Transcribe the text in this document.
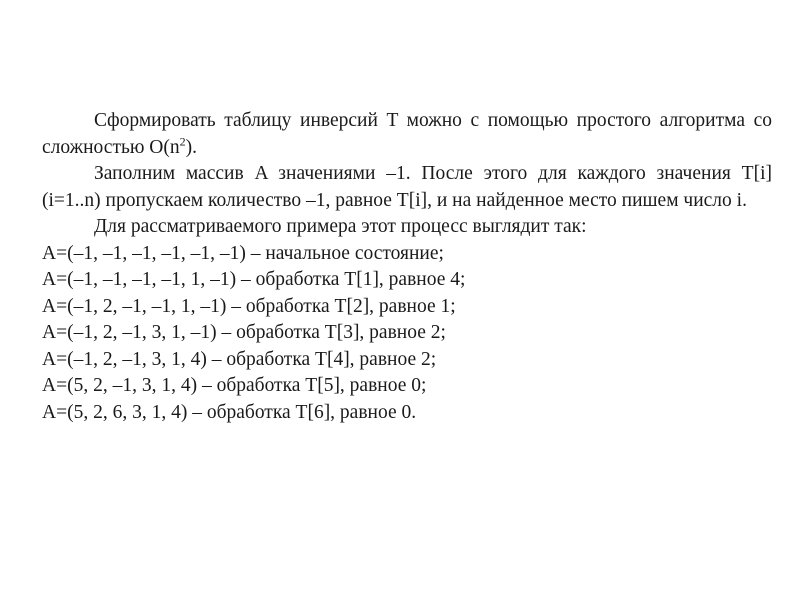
Сформировать таблицу инверсий T можно с помощью простого алгоритма со сложностью $O(n^2)$.

Заполним массив A значениями –1. После этого для каждого значения T[i] (i=1..n) пропускаем количество –1, равное T[i], и на найденное место пишем число i.

Для рассматриваемого примера этот процесс выглядит так:

A=(–1, –1, –1, –1, –1, –1) – начальное состояние;
A=(–1, –1, –1, –1, 1, –1) – обработка T[1], равное 4;
A=(–1, 2, –1, –1, 1, –1) – обработка T[2], равное 1;
A=(–1, 2, –1, 3, 1, –1) – обработка T[3], равное 2;
A=(–1, 2, –1, 3, 1, 4) – обработка T[4], равное 2;
A=(5, 2, –1, 3, 1, 4) – обработка T[5], равное 0;
A=(5, 2, 6, 3, 1, 4) – обработка T[6], равное 0.
